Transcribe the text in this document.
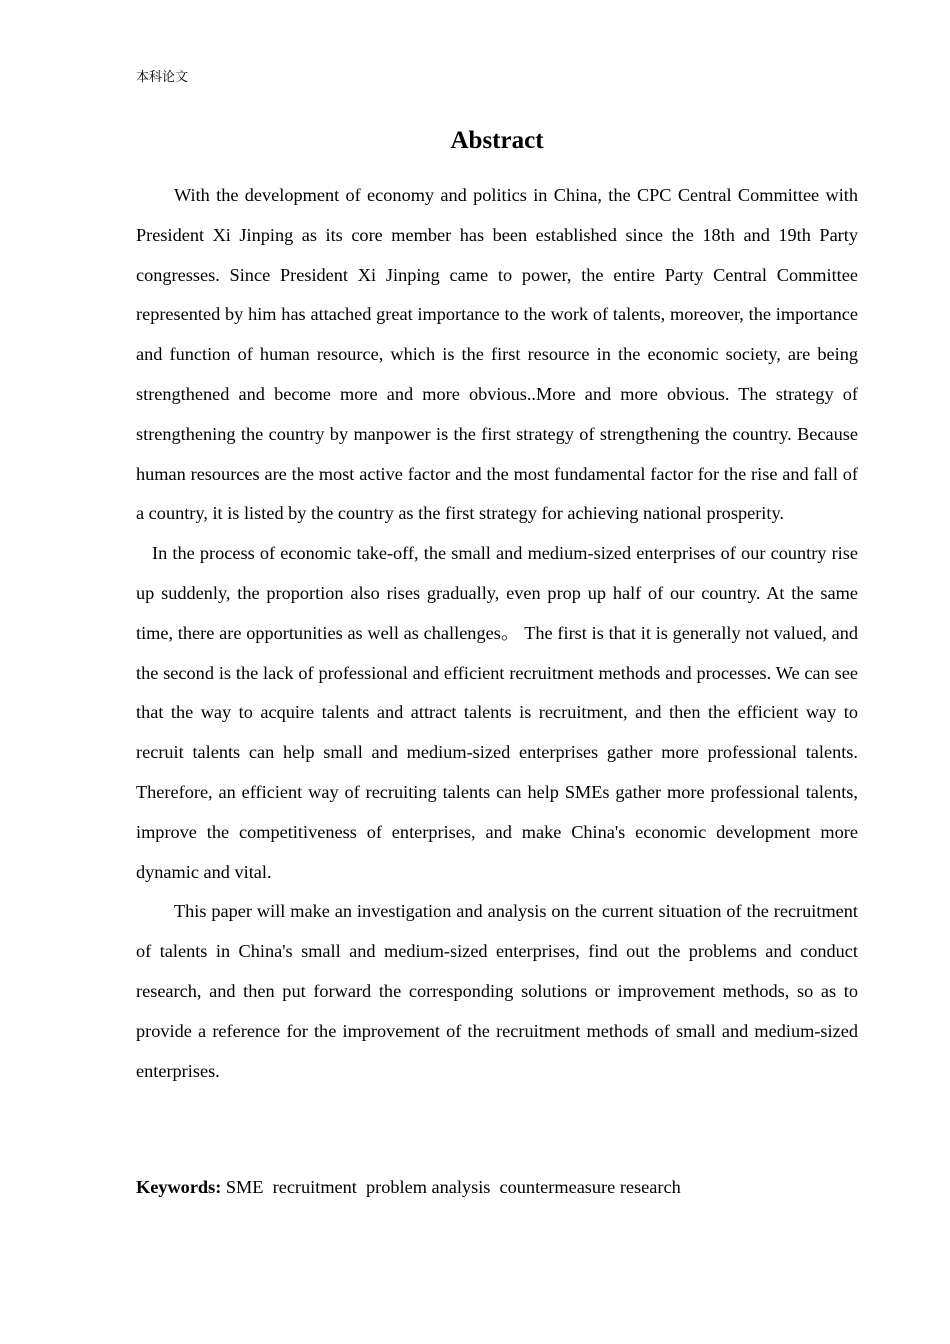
本科论文
Abstract

With the development of economy and politics in China, the CPC Central Committee with President Xi Jinping as its core member has been established since the 18th and 19th Party congresses. Since President Xi Jinping came to power, the entire Party Central Committee represented by him has attached great importance to the work of talents, moreover, the importance and function of human resource, which is the first resource in the economic society, are being strengthened and become more and more obvious..More and more obvious. The strategy of strengthening the country by manpower is the first strategy of strengthening the country. Because human resources are the most active factor and the most fundamental factor for the rise and fall of a country, it is listed by the country as the first strategy for achieving national prosperity.

In the process of economic take-off, the small and medium-sized enterprises of our country rise up suddenly, the proportion also rises gradually, even prop up half of our country. At the same time, there are opportunities as well as challenges。 The first is that it is generally not valued, and the second is the lack of professional and efficient recruitment methods and processes. We can see that the way to acquire talents and attract talents is recruitment, and then the efficient way to recruit talents can help small and medium-sized enterprises gather more professional talents. Therefore, an efficient way of recruiting talents can help SMEs gather more professional talents, improve the competitiveness of enterprises, and make China's economic development more dynamic and vital.

This paper will make an investigation and analysis on the current situation of the recruitment of talents in China's small and medium-sized enterprises, find out the problems and conduct research, and then put forward the corresponding solutions or improvement methods, so as to provide a reference for the improvement of the recruitment methods of small and medium-sized enterprises.

Keywords: SME  recruitment  problem analysis  countermeasure research
